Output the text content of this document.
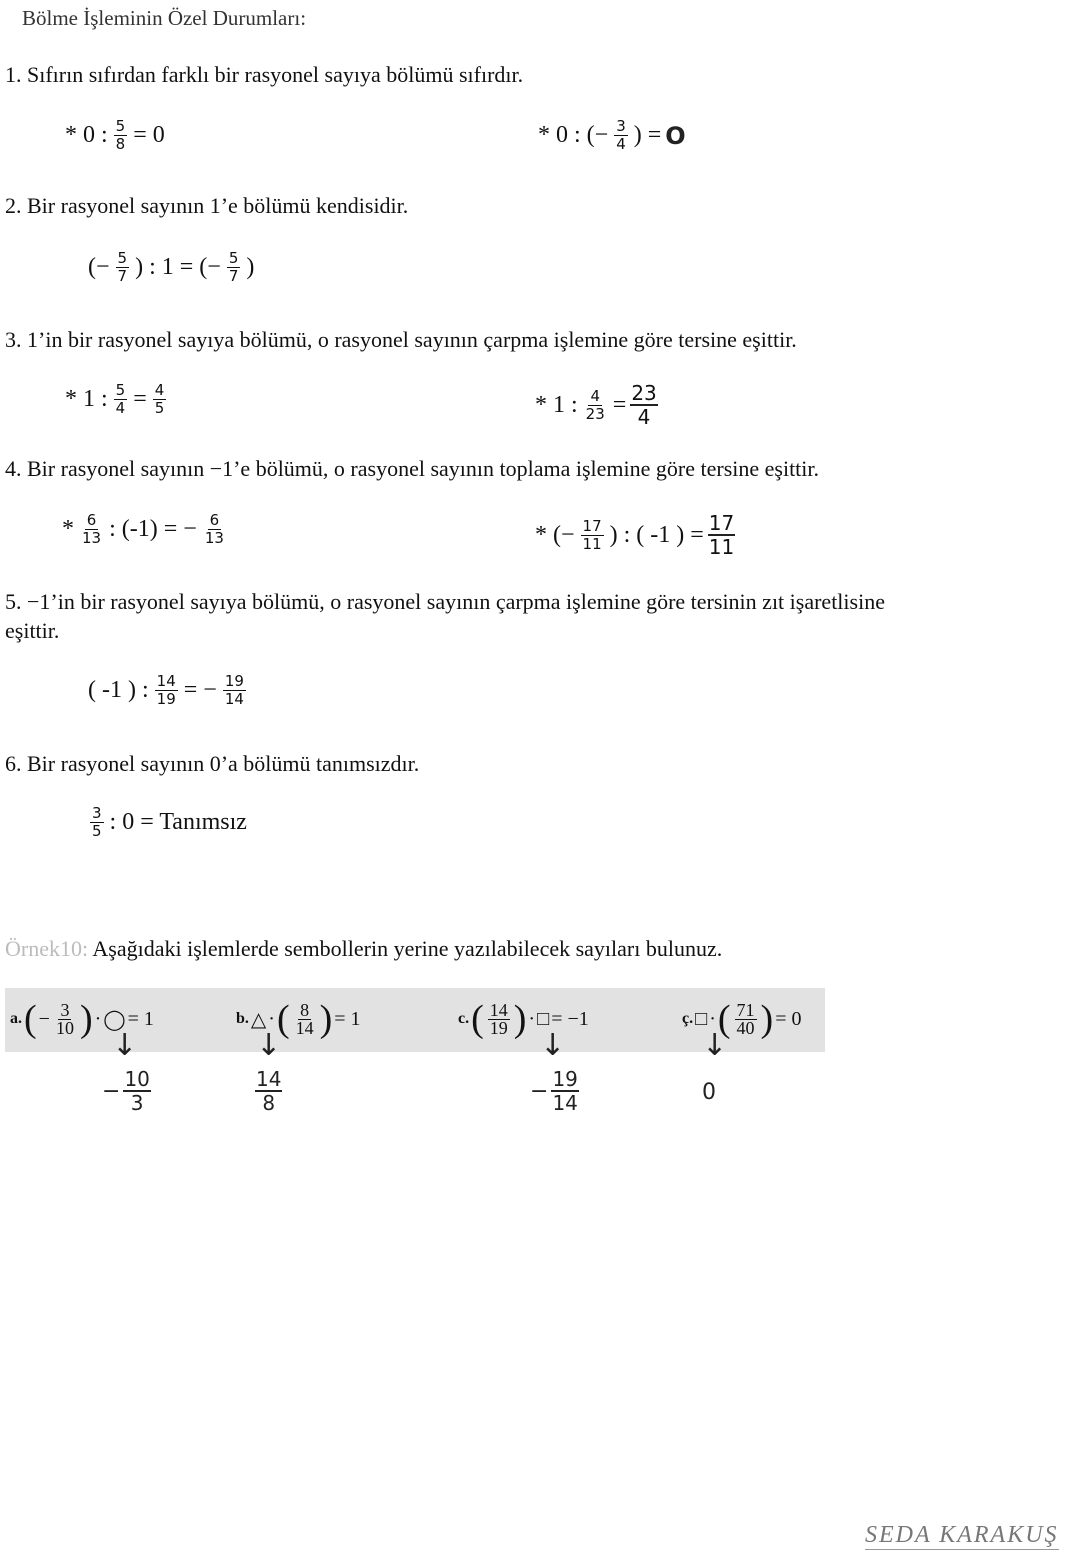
Bölme İşleminin Özel Durumları:
1. Sıfırın sıfırdan farklı bir rasyonel sayıya bölümü sıfırdır.
* 0 : $\frac{5}{8} = 0$	* 0 : (− $\frac{3}{4}$ ) = O
2. Bir rasyonel sayının 1’e bölümü kendisidir.
(− $\frac{5}{7}$ ) : 1 = (− $\frac{5}{7}$ )
3. 1’in bir rasyonel sayıya bölümü, o rasyonel sayının çarpma işlemine göre tersine eşittir.
* 1 : $\frac{5}{4} = \frac{4}{5}$	* 1 : $\frac{4}{23} = \frac{23}{4}$
4. Bir rasyonel sayının −1’e bölümü, o rasyonel sayının toplama işlemine göre tersine eşittir.
* $\frac{6}{13}$ : (-1) = − $\frac{6}{13}$	* (− $\frac{17}{11}$ ) : ( -1 ) = $\frac{17}{11}$
5. −1’in bir rasyonel sayıya bölümü, o rasyonel sayının çarpma işlemine göre tersinin zıt işaretlisine
eşittir.
( -1 ) : $\frac{14}{19}$ = − $\frac{19}{14}$
6. Bir rasyonel sayının 0’a bölümü tanımsızdır.
$\frac{3}{5}$ : 0 = Tanımsız
Örnek10: Aşağıdaki işlemlerde sembollerin yerine yazılabilecek sayıları bulunuz.
a. ( − $\frac{3}{10}$ ) · ◯ = 1	b. △ · ( $\frac{8}{14}$ ) = 1	c. ( $\frac{14}{19}$ ) · □ = −1	ç. □ · ( $\frac{71}{40}$ ) = 0
↓	↓	↓	↓
− $\frac{10}{3}$	$\frac{14}{8}$	− $\frac{19}{14}$	0
SEDA KARAKUŞ
